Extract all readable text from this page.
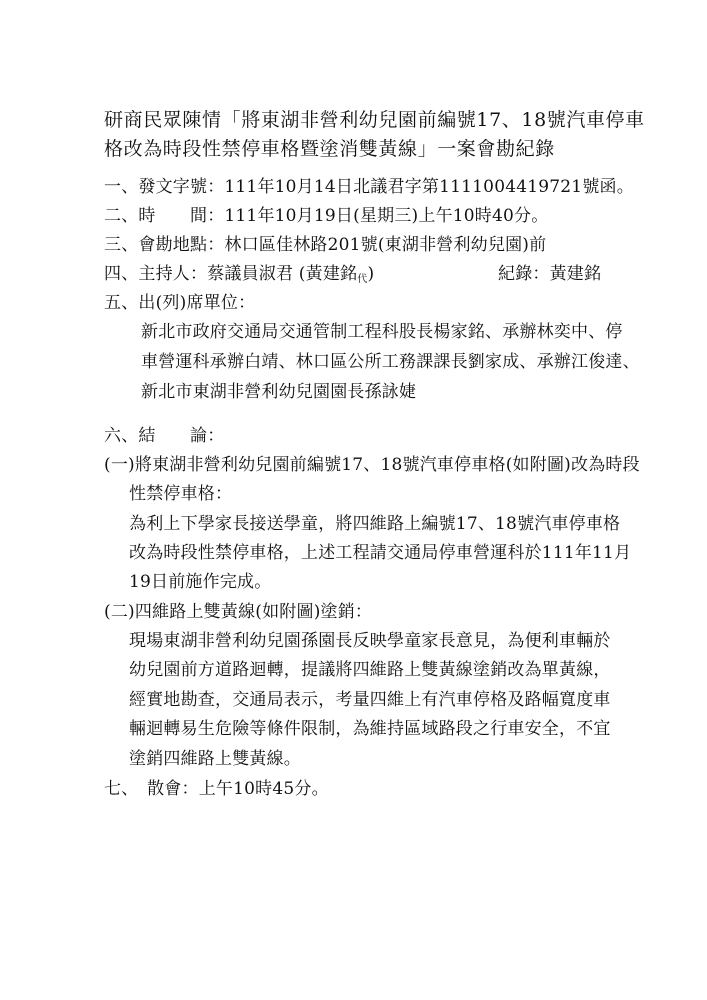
研商民眾陳情「將東湖非營利幼兒園前編號17、18號汽車停車
格改為時段性禁停車格暨塗消雙黃線」一案會勘紀錄
一、發文字號：111年10月14日北議君字第1111004419721號函。
二、時　　間：111年10月19日(星期三)上午10時40分。
三、會勘地點：林口區佳林路201號(東湖非營利幼兒園)前
四、主持人：蔡議員淑君 (黃建銘代)	紀錄：黃建銘
五、出(列)席單位：
新北市政府交通局交通管制工程科股長楊家銘、承辦林奕中、停
車營運科承辦白靖、林口區公所工務課課長劉家成、承辦江俊達、
新北市東湖非營利幼兒園園長孫詠婕
六、結　　論：
(一)將東湖非營利幼兒園前編號17、18號汽車停車格(如附圖)改為時段
性禁停車格：
為利上下學家長接送學童，將四維路上編號17、18號汽車停車格
改為時段性禁停車格，上述工程請交通局停車營運科於111年11月
19日前施作完成。
(二)四維路上雙黃線(如附圖)塗銷：
現場東湖非營利幼兒園孫園長反映學童家長意見，為便利車輛於
幼兒園前方道路迴轉，提議將四維路上雙黃線塗銷改為單黃線，
經實地勘查，交通局表示，考量四維上有汽車停格及路幅寬度車
輛迴轉易生危險等條件限制，為維持區域路段之行車安全，不宜
塗銷四維路上雙黃線。
七、　散會：上午10時45分。
